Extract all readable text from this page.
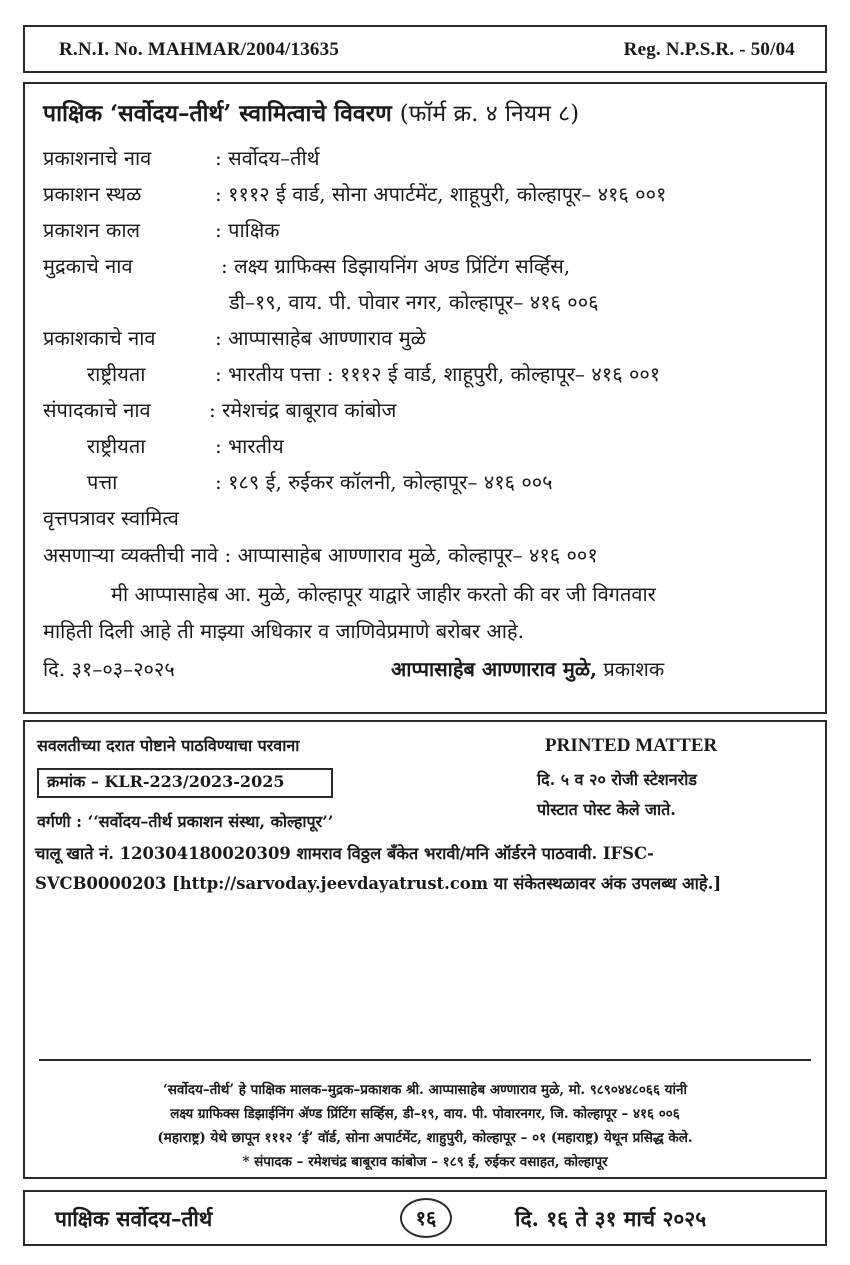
R.N.I. No. MAHMAR/2004/13635	Reg. N.P.S.R. - 50/04
पाक्षिक ‘सर्वोदय–तीर्थ’ स्वामित्वाचे विवरण (फॉर्म क्र. ४ नियम ८)
प्रकाशनाचे नाव	: सर्वोदय–तीर्थ
प्रकाशन स्थळ	: १११२ ई वार्ड, सोना अपार्टमेंट, शाहूपुरी, कोल्हापूर– ४१६ ००१
प्रकाशन काल	: पाक्षिक
मुद्रकाचे नाव	: लक्ष्य ग्राफिक्स डिझायनिंग अण्ड प्रिंटिंग सर्व्हिस,
डी–१९, वाय. पी. पोवार नगर, कोल्हापूर– ४१६ ००६
प्रकाशकाचे नाव	: आप्पासाहेब आण्णाराव मुळे
राष्ट्रीयता	: भारतीय पत्ता : १११२ ई वार्ड, शाहूपुरी, कोल्हापूर– ४१६ ००१
संपादकाचे नाव	: रमेशचंद्र बाबूराव कांबोज
राष्ट्रीयता	: भारतीय
पत्ता	: १८९ ई, रुईकर कॉलनी, कोल्हापूर– ४१६ ००५
वृत्तपत्रावर स्वामित्व
असणाऱ्या व्यक्तीची नावे : आप्पासाहेब आण्णाराव मुळे, कोल्हापूर– ४१६ ००१
मी आप्पासाहेब आ. मुळे, कोल्हापूर याद्वारे जाहीर करतो की वर जी विगतवार
माहिती दिली आहे ती माझ्या अधिकार व जाणिवेप्रमाणे बरोबर आहे.
दि. ३१–०३–२०२५	आप्पासाहेब आण्णाराव मुळे, प्रकाशक
सवलतीच्या दरात पोष्टाने पाठविण्याचा परवाना
क्रमांक – KLR-223/2023-2025
वर्गणी : ‘‘सर्वोदय–तीर्थ प्रकाशन संस्था, कोल्हापूर’’
PRINTED MATTER
दि. ५ व २० रोजी स्टेशनरोड
पोस्टात पोस्ट केले जाते.
चालू खाते नं. 120304180020309 शामराव विठ्ठल बँकेत भरावी/मनि ऑर्डरने पाठवावी. IFSC-
SVCB0000203 [http://sarvoday.jeevdayatrust.com या संकेतस्थळावर अंक उपलब्ध आहे.]
‘सर्वोदय–तीर्थ’ हे पाक्षिक मालक–मुद्रक–प्रकाशक श्री. आप्पासाहेब अण्णाराव मुळे, मो. ९८९०४४८०६६ यांनी
लक्ष्य ग्राफिक्स डिझाईनिंग ॲण्ड प्रिंटिंग सर्व्हिस, डी–१९, वाय. पी. पोवारनगर, जि. कोल्हापूर – ४१६ ००६
(महाराष्ट्र) येथे छापून १११२ ‘ई’ वॉर्ड, सोना अपार्टमेंट, शाहुपुरी, कोल्हापूर – ०१ (महाराष्ट्र) येथून प्रसिद्ध केले.
* संपादक – रमेशचंद्र बाबूराव कांबोज – १८९ ई, रुईकर वसाहत, कोल्हापूर
पाक्षिक सर्वोदय–तीर्थ	१६	दि. १६ ते ३१ मार्च २०२५
